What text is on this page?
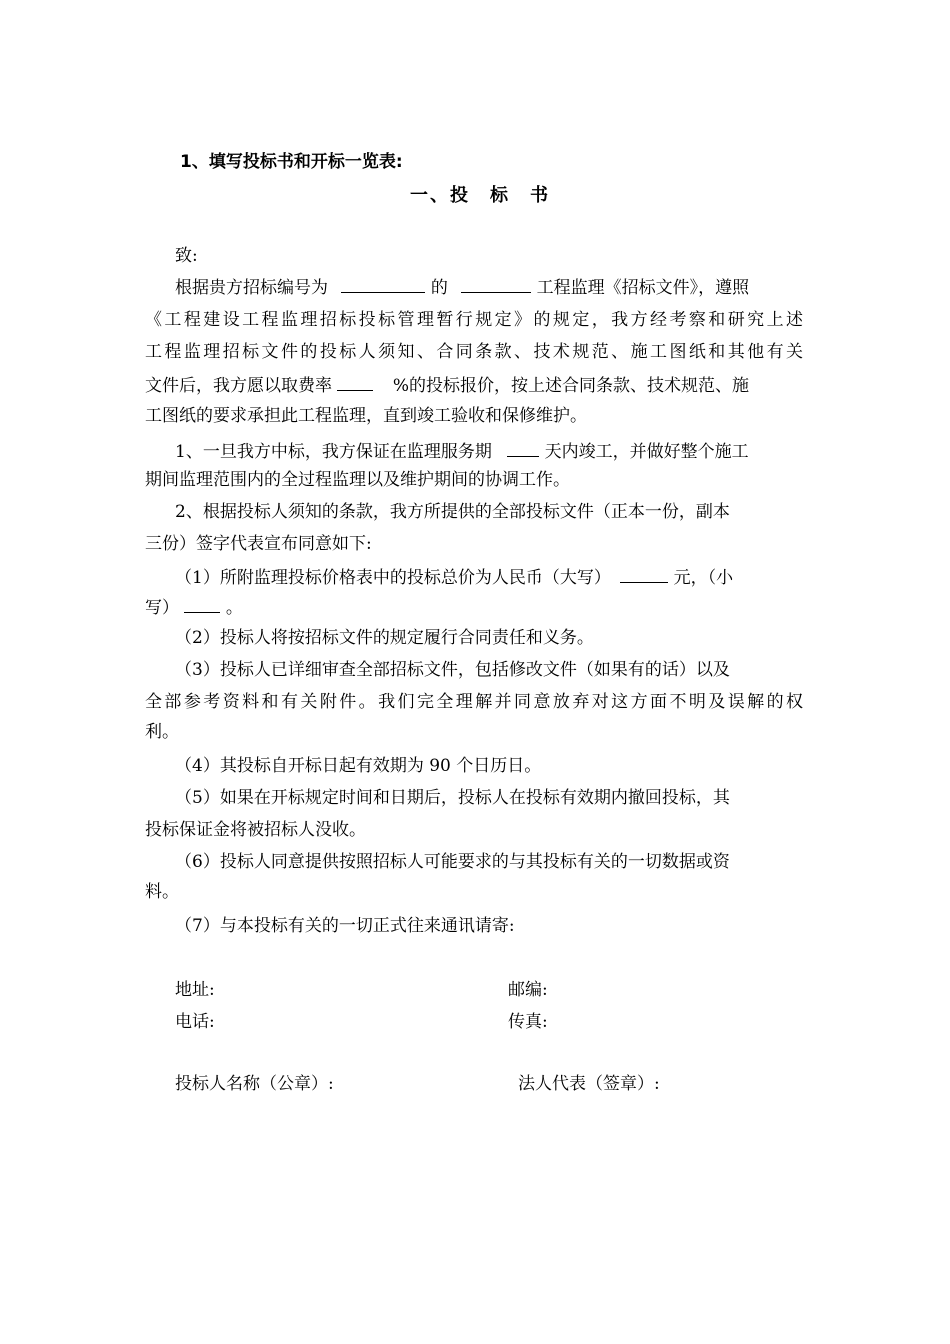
1、填写投标书和开标一览表:
一、投　标　书
致:
根据贵方招标编号为	的	工程监理《招标文件》，遵照
《工程建设工程监理招标投标管理暂行规定》的规定，我方经考察和研究上述
工程监理招标文件的投标人须知、合同条款、技术规范、施工图纸和其他有关
文件后，我方愿以取费率	%的投标报价，按上述合同条款、技术规范、施
工图纸的要求承担此工程监理，直到竣工验收和保修维护。
1、一旦我方中标，我方保证在监理服务期	天内竣工，并做好整个施工
期间监理范围内的全过程监理以及维护期间的协调工作。
2、根据投标人须知的条款，我方所提供的全部投标文件（正本一份，副本
三份）签字代表宣布同意如下:
（1）所附监理投标价格表中的投标总价为人民币（大写）	元，（小
写）	。
（2）投标人将按招标文件的规定履行合同责任和义务。
（3）投标人已详细审查全部招标文件，包括修改文件（如果有的话）以及
全部参考资料和有关附件。我们完全理解并同意放弃对这方面不明及误解的权
利。
（4）其投标自开标日起有效期为 90 个日历日。
（5）如果在开标规定时间和日期后，投标人在投标有效期内撤回投标，其
投标保证金将被招标人没收。
（6）投标人同意提供按照招标人可能要求的与其投标有关的一切数据或资
料。
（7）与本投标有关的一切正式往来通讯请寄:
地址:	邮编:
电话:	传真:
投标人名称（公章）:	法人代表（签章）:
